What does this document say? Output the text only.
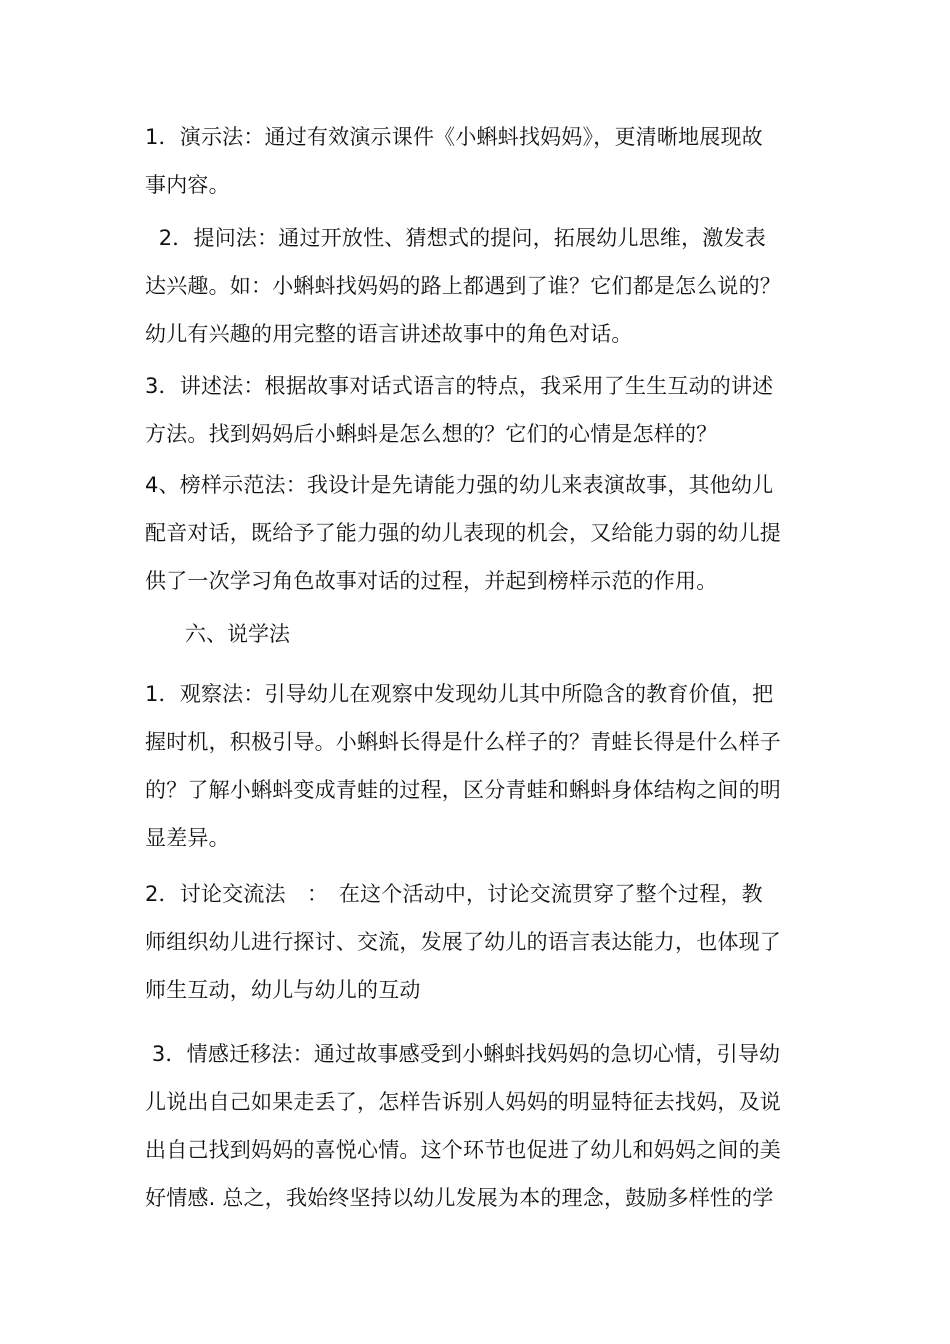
1．演示法：通过有效演示课件《小蝌蚪找妈妈》，更清晰地展现故
事内容。
2．提问法：通过开放性、猜想式的提问，拓展幼儿思维，激发表
达兴趣。如：小蝌蚪找妈妈的路上都遇到了谁？它们都是怎么说的？
幼儿有兴趣的用完整的语言讲述故事中的角色对话。
3．讲述法：根据故事对话式语言的特点，我采用了生生互动的讲述
方法。找到妈妈后小蝌蚪是怎么想的？它们的心情是怎样的？
4、榜样示范法：我设计是先请能力强的幼儿来表演故事，其他幼儿
配音对话，既给予了能力强的幼儿表现的机会，又给能力弱的幼儿提
供了一次学习角色故事对话的过程，并起到榜样示范的作用。
六、说学法
1．观察法：引导幼儿在观察中发现幼儿其中所隐含的教育价值，把
握时机，积极引导。小蝌蚪长得是什么样子的？青蛙长得是什么样子
的？了解小蝌蚪变成青蛙的过程，区分青蛙和蝌蚪身体结构之间的明
显差异。
2．讨论交流法　：　在这个活动中，讨论交流贯穿了整个过程，教
师组织幼儿进行探讨、交流，发展了幼儿的语言表达能力，也体现了
师生互动，幼儿与幼儿的互动
3．情感迁移法：通过故事感受到小蝌蚪找妈妈的急切心情，引导幼
儿说出自己如果走丢了，怎样告诉别人妈妈的明显特征去找妈，及说
出自己找到妈妈的喜悦心情。这个环节也促进了幼儿和妈妈之间的美
好情感. 总之，我始终坚持以幼儿发展为本的理念，鼓励多样性的学
